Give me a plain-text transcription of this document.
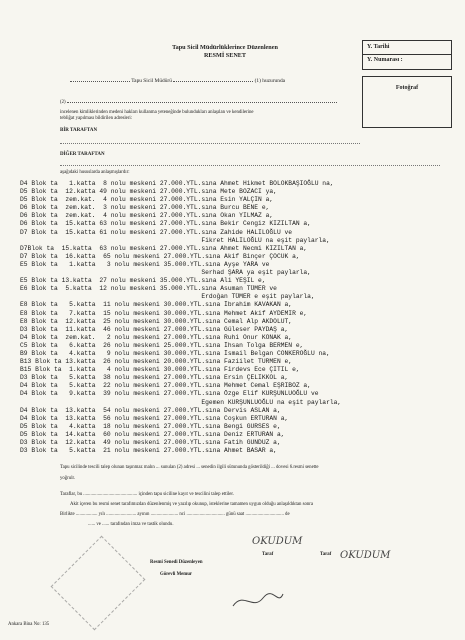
Tapu Sicil Müdürlüklerince Düzenlenen
RESMİ SENET
Y. Tarihi
Y. Numarası :
Fotoğraf
Tapu Sicil Müdürü	(1) huzurunda
(2)
incelenen kimliklerinden medeni hakları kullanma yeteneğinde bulundukları anlaşılan ve kendilerine
tebliğat yapılması bildirilen adresleri:
BİR TARAFTAN
DİĞER TARAFTAN
aşağıdaki hususlarda anlaşmışlardır:
D4 Blok ta   1.katta  8 nolu meskeni 27.000.YTL.sına Ahmet Hikmet BOLOKBAŞIOĞLU na,
D5 Blok ta  12.katta 49 nolu meskeni 27.000.YTL.sına Mete BOZACI ya,
D5 Blok ta  zem.kat.  4 nolu meskeni 27.000.YTL.sına Esin YALÇIN a,
D6 Blok ta  zem.kat.  3 nolu meskeni 27.000.YTL.sına Burcu BENE e,
D6 Blok ta  zem.kat.  4 nolu meskeni 27.000.YTL.sına Okan YILMAZ a,
D6 Blok ta  15.katta 63 nolu meskeni 27.000.YTL.sına Bekir Cengiz KIZILTAN a,
D7 Blok ta  15.katta 61 nolu meskeni 27.000.YTL.sına Zahide HALILOĞLU ve
Fikret HALILOĞLU na eşit paylarla,
D7Blok ta  15.katta  63 nolu meskeni 27.000.YTL.sına Ahmet Necmi KIZILTAN a,
D7 Blok ta  16.katta  65 nolu meskeni 27.000.YTL.sına Akif Binçer ÇOCUK a,
E5 Blok ta   1.katta   3 nolu meskeni 35.000.YTL.sına Ayşe YARA ve
Serhad ŞARA ya eşit paylarla,
E5 Blok ta 13.katta  27 nolu meskeni 35.000.YTL.sına Ali YEŞIL e,
E6 Blok ta  5.katta  12 nolu meskeni 35.000.YTL.sına Asuman TÜMER ve
Erdoğan TÜMER e eşit paylarla,
E8 Blok ta   5.katta  11 nolu meskeni 30.000.YTL.sına İbrahim KAVAKAN a,
E8 Blok ta   7.katta  15 nolu meskeni 30.000.YTL.sına Mehmet Akif AYDEMIR e,
E8 Blok ta  12.katta  25 nolu meskeni 30.000.YTL.sına Cemal Alp AKDOLUT,
D3 Blok ta  11.katta  46 nolu meskeni 27.000.YTL.sına Güleser PAYDAŞ a,
D4 Blok ta  zem.kat.   2 nolu meskeni 27.000.YTL.sına Ruhi Onur KONAK a,
C5 Blok ta   6.katta  26 nolu meskeni 25.000.YTL.sına İhsan Tolga BERMEN e,
B9 Blok ta   4.katta   9 nolu meskeni 30.000.YTL.sına İsmail Belgan CONKEROĞLU na,
B13 Blok ta 13.katta  26 nolu meskeni 20.000.YTL.sına Faziilet TURMEN e,
B15 Blok ta  1.katta   4 nolu meskeni 30.000.YTL.sına Firdevs Ece ÇITIL e,
D3 Blok ta   5.katta  38 nolu meskeni 27.000.YTL.sına Ersin ÇELIKKOL a,
D4 Blok ta   5.katta  22 nolu meskeni 27.000.YTL.sına Mehmet Cemal EŞRIBOZ a,
D4 Blok ta   9.katta  39 nolu meskeni 27.000.YTL.sına Özge Elif KURŞUNLUOĞLU ve
Egemen KURŞUNLUOĞLU na eşit paylarla,
D4 Blok ta  13.katta  54 nolu meskeni 27.000.YTL.sına Dervis ASLAN a,
D4 Blok ta  13.katta  56 nolu meskeni 27.000.YTL.sına Coşkun ERTURAN a,
D5 Blok ta   4.katta  18 nolu meskeni 27.000.YTL.sına Bengi GURSES e,
D5 Blok ta  14.katta  60 nolu meskeni 27.000.YTL.sına Deniz ERTURAN a,
D3 Blok ta  12.katta  49 nolu meskeni 27.000.YTL.sına Fatih GUNDUZ a,
D3 Blok ta   5.katta  21 nolu meskeni 27.000.YTL.sına Ahmet BASAR a,
Tapu sicilinde tescili talep olunan taşınmaz malın ... sunulan (2) adresi ... senedin ilgili sütununda gösterildiği ... dovesi 6.resmi senette
yoğrulr.
Taraflar, bu ............................................. içinden tapu siciline kayıt ve tescilini talep ettiler.
Akit içeren bu resmi senet tarafımızdan düzenlenmiş ve yazılıp okunup, isteklerine tamamen uygun olduğu anlaşıldıktan sonra
Birlikte .................. yılı ......................... ayının ....................... nci ................................ günü saat ................................ de
...... ve ...... tarafından imza ve tastik olundu.
Resmi Senedi Düzenleyen
Görevli Memur
OKUDUM
Taraf	OKUDUM
Taraf
Ankara Bina No: 135
